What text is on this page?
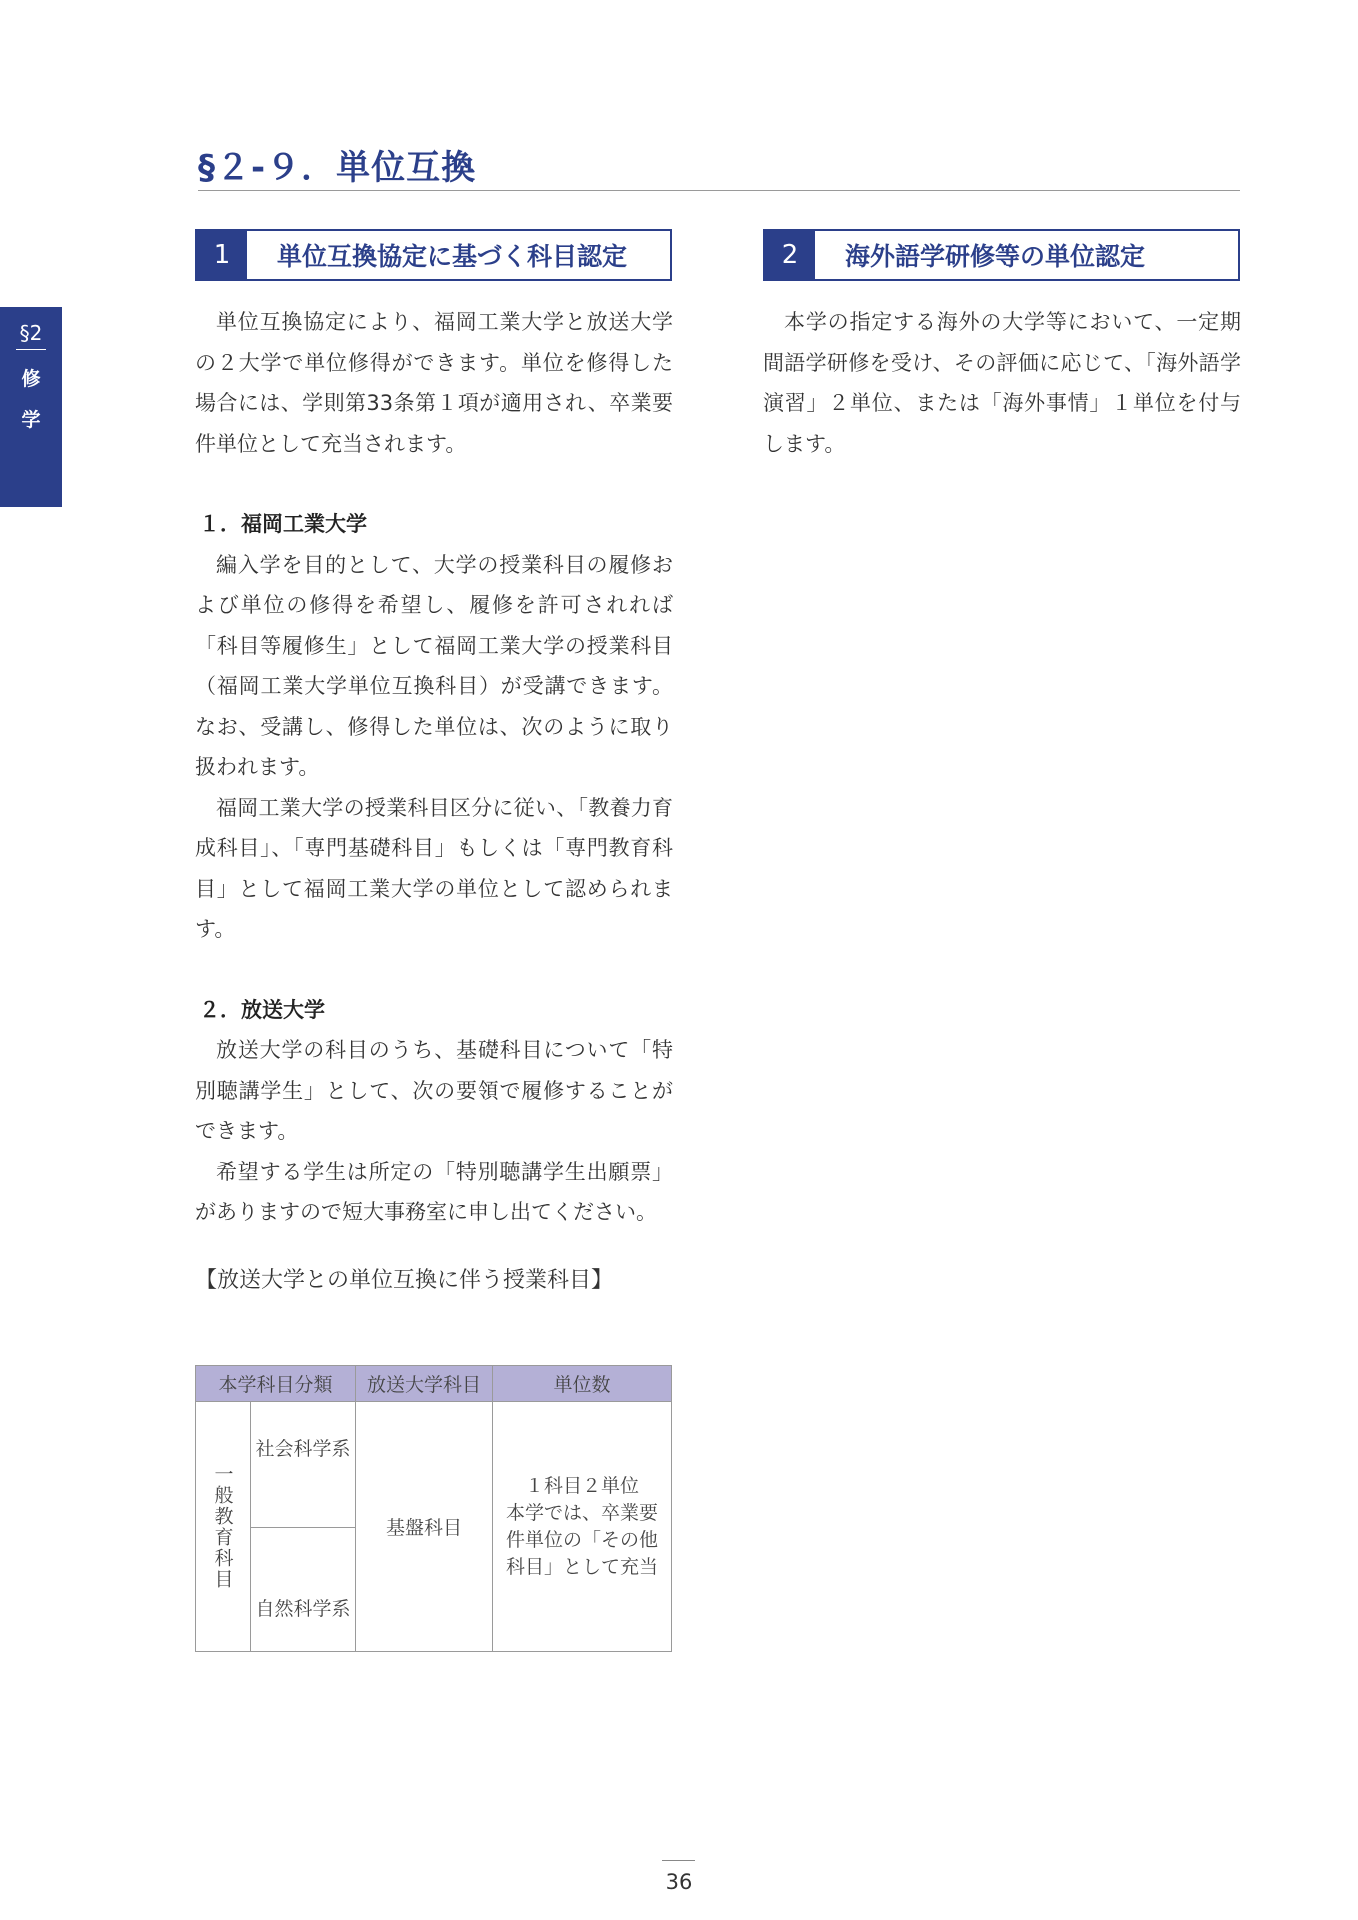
§2
修
学
§２-９．単位互換
1	単位互換協定に基づく科目認定	2	海外語学研修等の単位認定

単位互換協定により、福岡工業大学と放送大学の２大学で単位修得ができます。単位を修得した場合には、学則第33条第１項が適用され、卒業要件単位として充当されます。

１．福岡工業大学

編入学を目的として、大学の授業科目の履修および単位の修得を希望し、履修を許可されれば「科目等履修生」として福岡工業大学の授業科目（福岡工業大学単位互換科目）が受講できます。なお、受講し、修得した単位は、次のように取り扱われます。

福岡工業大学の授業科目区分に従い、「教養力育成科目」、「専門基礎科目」もしくは「専門教育科目」として福岡工業大学の単位として認められます。

２．放送大学

放送大学の科目のうち、基礎科目について「特別聴講学生」として、次の要領で履修することができます。

希望する学生は所定の「特別聴講学生出願票」がありますので短大事務室に申し出てください。

【放送大学との単位互換に伴う授業科目】
本学科目分類		放送大学科目	単位数
一般教育科目	社会科学系	基盤科目	１科目２単位
本学では、卒業要
件単位の「その他
科目」として充当

	自然科学系		

本学の指定する海外の大学等において、一定期間語学研修を受け、その評価に応じて、「海外語学演習」２単位、または「海外事情」１単位を付与します。

36
